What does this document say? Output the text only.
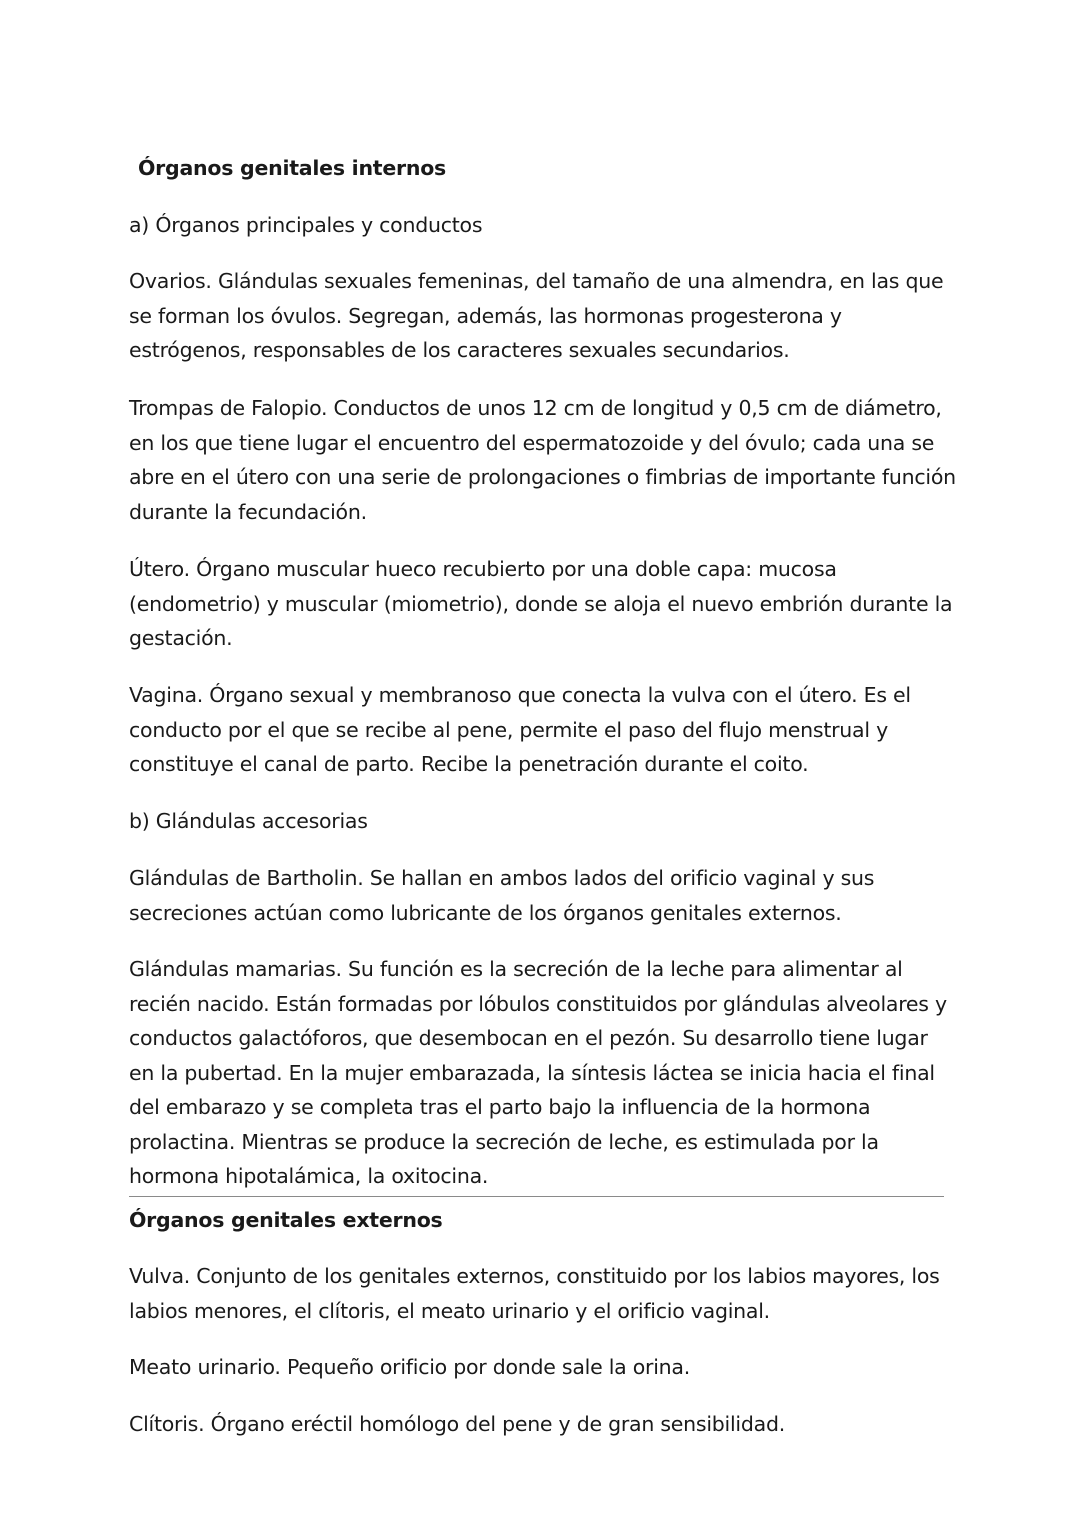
Órganos genitales internos
a) Órganos principales y conductos

Ovarios. Glándulas sexuales femeninas, del tamaño de una almendra, en las que se forman los óvulos. Segregan, además, las hormonas progesterona y estrógenos, responsables de los caracteres sexuales secundarios.

Trompas de Falopio. Conductos de unos 12 cm de longitud y 0,5 cm de diámetro, en los que tiene lugar el encuentro del espermatozoide y del óvulo; cada una se abre en el útero con una serie de prolongaciones o fimbrias de importante función durante la fecundación.

Útero. Órgano muscular hueco recubierto por una doble capa: mucosa (endometrio) y muscular (miometrio), donde se aloja el nuevo embrión durante la gestación.

Vagina. Órgano sexual y membranoso que conecta la vulva con el útero. Es el conducto por el que se recibe al pene, permite el paso del flujo menstrual y constituye el canal de parto. Recibe la penetración durante el coito.

b) Glándulas accesorias

Glándulas de Bartholin. Se hallan en ambos lados del orificio vaginal y sus secreciones actúan como lubricante de los órganos genitales externos.

Glándulas mamarias. Su función es la secreción de la leche para alimentar al recién nacido. Están formadas por lóbulos constituidos por glándulas alveolares y conductos galactóforos, que desembocan en el pezón. Su desarrollo tiene lugar en la pubertad. En la mujer embarazada, la síntesis láctea se inicia hacia el final del embarazo y se completa tras el parto bajo la influencia de la hormona prolactina. Mientras se produce la secreción de leche, es estimulada por la hormona hipotalámica, la oxitocina.

Órganos genitales externos

Vulva. Conjunto de los genitales externos, constituido por los labios mayores, los labios menores, el clítoris, el meato urinario y el orificio vaginal.

Meato urinario. Pequeño orificio por donde sale la orina.

Clítoris. Órgano eréctil homólogo del pene y de gran sensibilidad.
